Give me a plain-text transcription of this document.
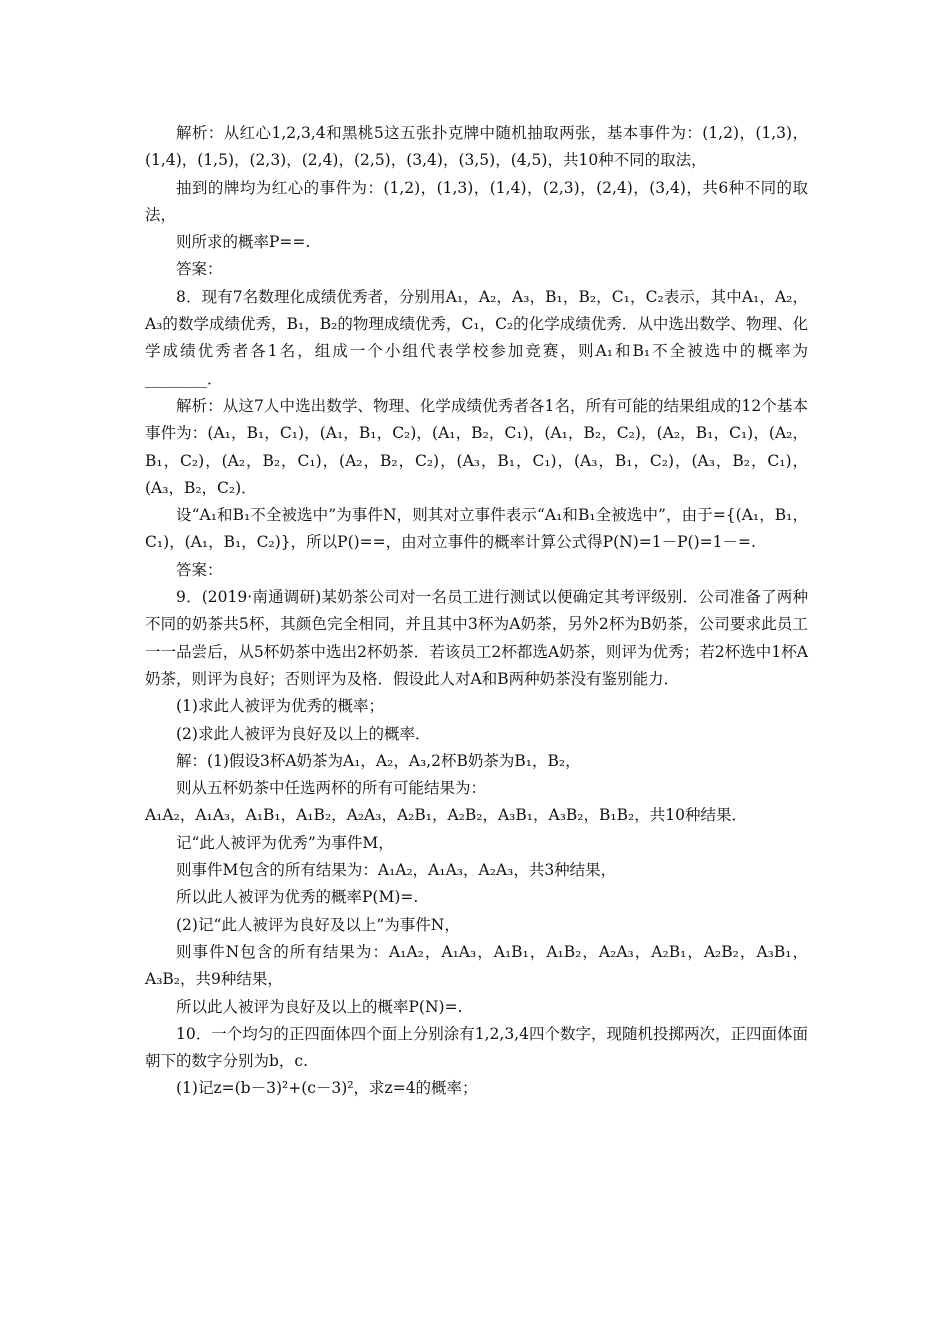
解析：从红心1,2,3,4和黑桃5这五张扑克牌中随机抽取两张，基本事件为：(1,2)，(1,3)，(1,4)，(1,5)，(2,3)，(2,4)，(2,5)，(3,4)，(3,5)，(4,5)，共10种不同的取法，

抽到的牌均为红心的事件为：(1,2)，(1,3)，(1,4)，(2,3)，(2,4)，(3,4)，共6种不同的取法，

则所求的概率P==.

答案：

8．现有7名数理化成绩优秀者，分别用A₁，A₂，A₃，B₁，B₂，C₁，C₂表示，其中A₁，A₂，A₃的数学成绩优秀，B₁，B₂的物理成绩优秀，C₁，C₂的化学成绩优秀．从中选出数学、物理、化学成绩优秀者各1名，组成一个小组代表学校参加竞赛，则A₁和B₁不全被选中的概率为________．

解析：从这7人中选出数学、物理、化学成绩优秀者各1名，所有可能的结果组成的12个基本事件为：(A₁，B₁，C₁)，(A₁，B₁，C₂)，(A₁，B₂，C₁)，(A₁，B₂，C₂)，(A₂，B₁，C₁)，(A₂，B₁，C₂)，(A₂，B₂，C₁)，(A₂，B₂，C₂)，(A₃，B₁，C₁)，(A₃，B₁，C₂)，(A₃，B₂，C₁)，(A₃，B₂，C₂)．

设“A₁和B₁不全被选中”为事件N，则其对立事件表示“A₁和B₁全被选中”，由于={(A₁，B₁，C₁)，(A₁，B₁，C₂)}，所以P()==，由对立事件的概率计算公式得P(N)=1－P()=1－=.

答案：

9．(2019·南通调研)某奶茶公司对一名员工进行测试以便确定其考评级别．公司准备了两种不同的奶茶共5杯，其颜色完全相同，并且其中3杯为A奶茶，另外2杯为B奶茶，公司要求此员工一一品尝后，从5杯奶茶中选出2杯奶茶．若该员工2杯都选A奶茶，则评为优秀；若2杯选中1杯A奶茶，则评为良好；否则评为及格．假设此人对A和B两种奶茶没有鉴别能力．

(1)求此人被评为优秀的概率；

(2)求此人被评为良好及以上的概率．

解：(1)假设3杯A奶茶为A₁，A₂，A₃,2杯B奶茶为B₁，B₂，

则从五杯奶茶中任选两杯的所有可能结果为：

A₁A₂，A₁A₃，A₁B₁，A₁B₂，A₂A₃，A₂B₁，A₂B₂，A₃B₁，A₃B₂，B₁B₂，共10种结果．

记“此人被评为优秀”为事件M，

则事件M包含的所有结果为：A₁A₂，A₁A₃，A₂A₃，共3种结果，

所以此人被评为优秀的概率P(M)=.

(2)记“此人被评为良好及以上”为事件N，

则事件N包含的所有结果为：A₁A₂，A₁A₃，A₁B₁，A₁B₂，A₂A₃，A₂B₁，A₂B₂，A₃B₁，A₃B₂，共9种结果，

所以此人被评为良好及以上的概率P(N)=.

10．一个均匀的正四面体四个面上分别涂有1,2,3,4四个数字，现随机投掷两次，正四面体面朝下的数字分别为b，c.

(1)记z=(b－3)²+(c－3)²，求z=4的概率；
